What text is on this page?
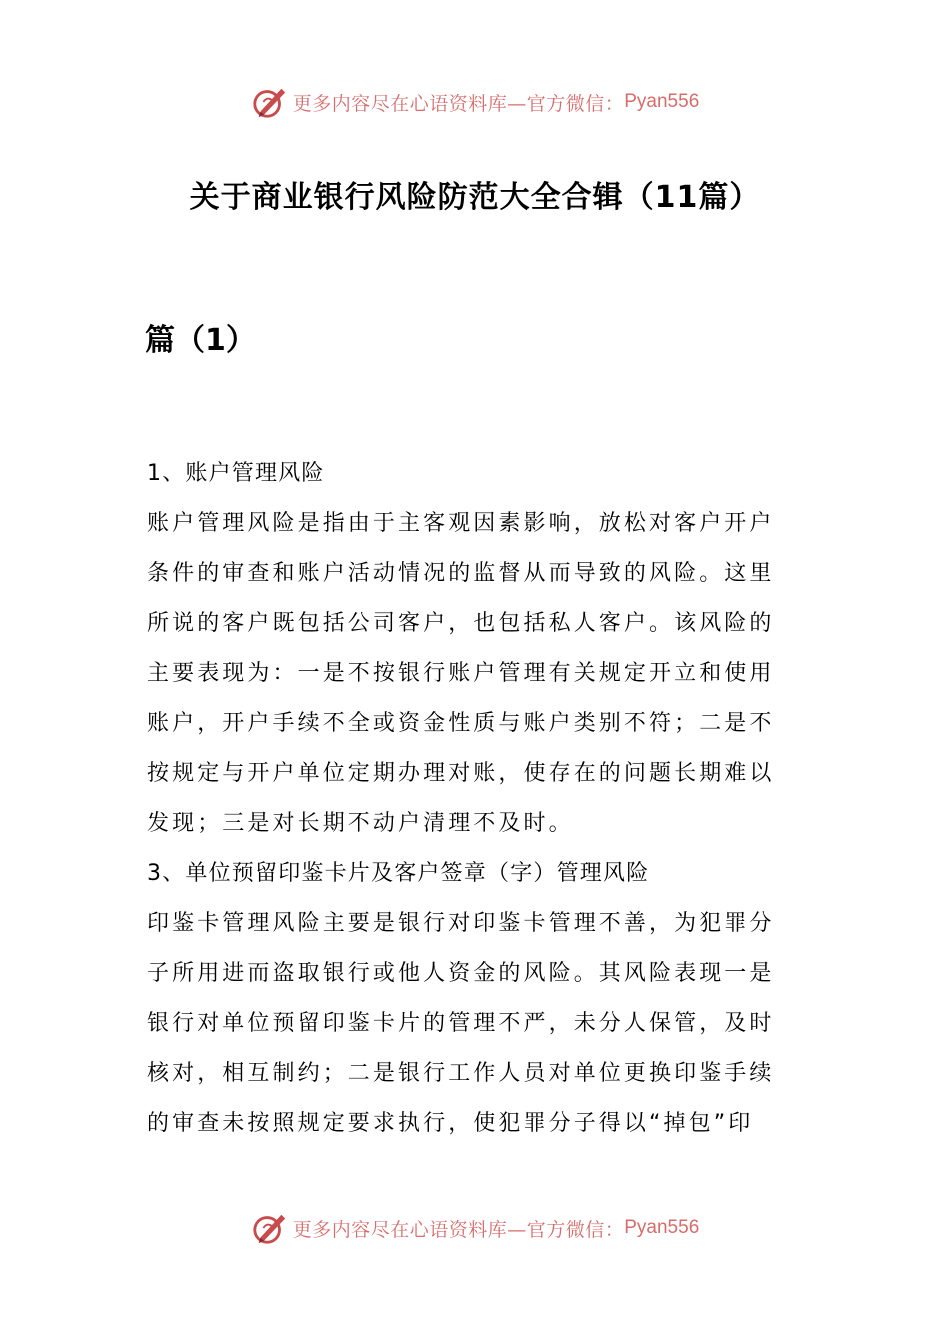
更多内容尽在心语资料库—官方微信： Pyan556
关于商业银行风险防范大全合辑（11篇）
篇（1）
1、账户管理风险
账户管理风险是指由于主客观因素影响，放松对客户开户
条件的审查和账户活动情况的监督从而导致的风险。这里
所说的客户既包括公司客户，也包括私人客户。该风险的
主要表现为：一是不按银行账户管理有关规定开立和使用
账户，开户手续不全或资金性质与账户类别不符；二是不
按规定与开户单位定期办理对账，使存在的问题长期难以
发现；三是对长期不动户清理不及时。
3、单位预留印鉴卡片及客户签章（字）管理风险
印鉴卡管理风险主要是银行对印鉴卡管理不善，为犯罪分
子所用进而盗取银行或他人资金的风险。其风险表现一是
银行对单位预留印鉴卡片的管理不严，未分人保管，及时
核对，相互制约；二是银行工作人员对单位更换印鉴手续
的审查未按照规定要求执行，使犯罪分子得以“掉包”印
更多内容尽在心语资料库—官方微信： Pyan556
